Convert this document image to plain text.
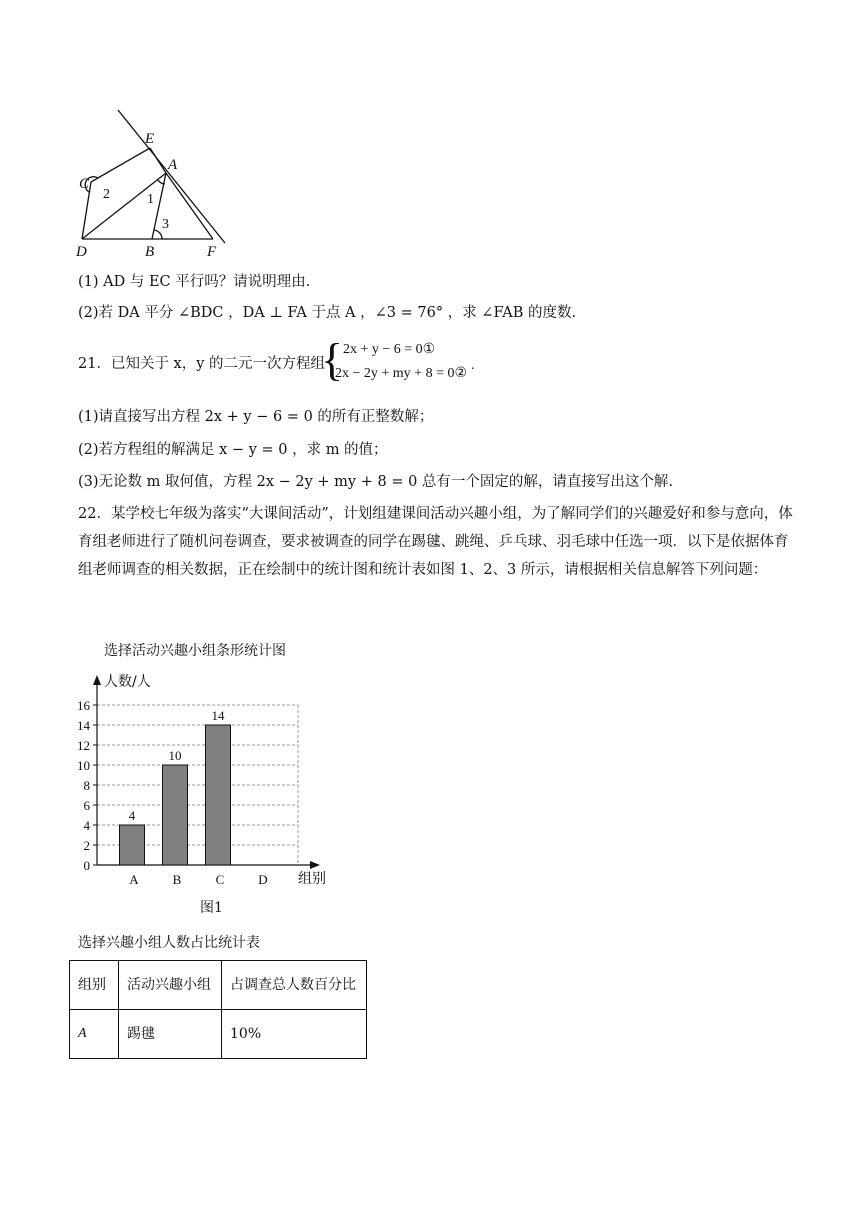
E
C
A
D	B	F
2	1
3
(1) AD 与 EC 平行吗？请说明理由.
(2)若 DA 平分 ∠BDC ，DA ⊥ FA 于点 A ，∠3 = 76° ，求 ∠FAB 的度数.
21．已知关于 x，y 的二元一次方程组
{ 2x + y − 6 = 0①
2x − 2y + my + 8 = 0②
.
(1)请直接写出方程 2x + y − 6 = 0 的所有正整数解；
(2)若方程组的解满足 x − y = 0 ，求 m 的值；
(3)无论数 m 取何值，方程 2x − 2y + my + 8 = 0 总有一个固定的解，请直接写出这个解.
22．某学校七年级为落实“大课间活动”，计划组建课间活动兴趣小组，为了解同学们的兴趣爱好和参与意向，体育组老师进行了随机问卷调查，要求被调查的同学在踢毽、跳绳、乒乓球、羽毛球中任选一项．以下是依据体育组老师调查的相关数据，正在绘制中的统计图和统计表如图 1、2、3 所示，请根据相关信息解答下列问题：
选择活动兴趣小组条形统计图
0
2
4
6
8
10
12
14
16
人数/人
组别
4
A
10
B
14
C	D
图1
选择兴趣小组人数占比统计表
组别	活动兴趣小组	占调查总人数百分比
A	踢毽	10%
